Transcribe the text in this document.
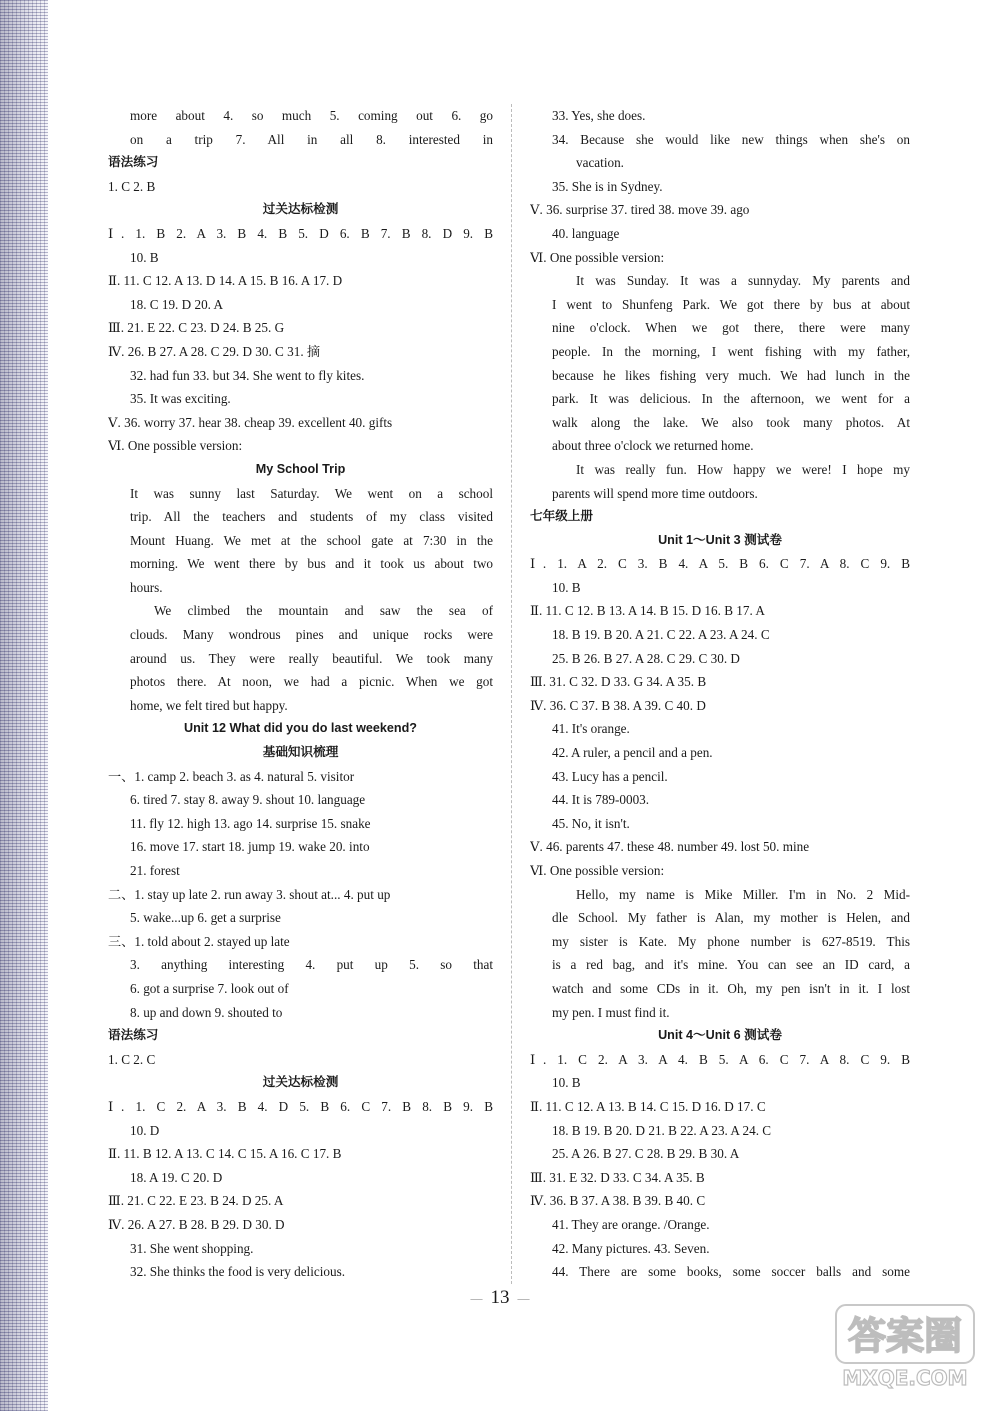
more about 4. so much 5. coming out 6. go
on a trip 7. All in all 8. interested in
语法练习
1. C 2. B
过关达标检测
Ⅰ. 1. B 2. A 3. B 4. B 5. D 6. B 7. B 8. D 9. B
10. B
Ⅱ. 11. C 12. A 13. D 14. A 15. B 16. A 17. D
18. C 19. D 20. A
Ⅲ. 21. E 22. C 23. D 24. B 25. G
Ⅳ. 26. B 27. A 28. C 29. D 30. C 31. 摘
32. had fun 33. but 34. She went to fly kites.
35. It was exciting.
Ⅴ. 36. worry 37. hear 38. cheap 39. excellent 40. gifts
Ⅵ. One possible version:
My School Trip
It was sunny last Saturday. We went on a school
trip. All the teachers and students of my class visited
Mount Huang. We met at the school gate at 7:30 in the
morning. We went there by bus and it took us about two
hours.
We climbed the mountain and saw the sea of
clouds. Many wondrous pines and unique rocks were
around us. They were really beautiful. We took many
photos there. At noon, we had a picnic. When we got
home, we felt tired but happy.
Unit 12 What did you do last weekend?
基础知识梳理
一、1. camp 2. beach 3. as 4. natural 5. visitor
6. tired 7. stay 8. away 9. shout 10. language
11. fly 12. high 13. ago 14. surprise 15. snake
16. move 17. start 18. jump 19. wake 20. into
21. forest
二、1. stay up late 2. run away 3. shout at... 4. put up
5. wake...up 6. get a surprise
三、1. told about 2. stayed up late
3. anything interesting 4. put up 5. so that
6. got a surprise 7. look out of
8. up and down 9. shouted to
语法练习
1. C 2. C
过关达标检测
Ⅰ. 1. C 2. A 3. B 4. D 5. B 6. C 7. B 8. B 9. B
10. D
Ⅱ. 11. B 12. A 13. C 14. C 15. A 16. C 17. B
18. A 19. C 20. D
Ⅲ. 21. C 22. E 23. B 24. D 25. A
Ⅳ. 26. A 27. B 28. B 29. D 30. D
31. She went shopping.
32. She thinks the food is very delicious.
33. Yes, she does.
34. Because she would like new things when she's on
vacation.
35. She is in Sydney.
Ⅴ. 36. surprise 37. tired 38. move 39. ago
40. language
Ⅵ. One possible version:
It was Sunday. It was a sunnyday. My parents and
I went to Shunfeng Park. We got there by bus at about
nine o'clock. When we got there, there were many
people. In the morning, I went fishing with my father,
because he likes fishing very much. We had lunch in the
park. It was delicious. In the afternoon, we went for a
walk along the lake. We also took many photos. At
about three o'clock we returned home.
It was really fun. How happy we were! I hope my
parents will spend more time outdoors.
七年级上册
Unit 1～Unit 3 测试卷
Ⅰ. 1. A 2. C 3. B 4. A 5. B 6. C 7. A 8. C 9. B
10. B
Ⅱ. 11. C 12. B 13. A 14. B 15. D 16. B 17. A
18. B 19. B 20. A 21. C 22. A 23. A 24. C
25. B 26. B 27. A 28. C 29. C 30. D
Ⅲ. 31. C 32. D 33. G 34. A 35. B
Ⅳ. 36. C 37. B 38. A 39. C 40. D
41. It's orange.
42. A ruler, a pencil and a pen.
43. Lucy has a pencil.
44. It is 789-0003.
45. No, it isn't.
Ⅴ. 46. parents 47. these 48. number 49. lost 50. mine
Ⅵ. One possible version:
Hello, my name is Mike Miller. I'm in No. 2 Mid-
dle School. My father is Alan, my mother is Helen, and
my sister is Kate. My phone number is 627-8519. This
is a red bag, and it's mine. You can see an ID card, a
watch and some CDs in it. Oh, my pen isn't in it. I lost
my pen. I must find it.
Unit 4～Unit 6 测试卷
Ⅰ. 1. C 2. A 3. A 4. B 5. A 6. C 7. A 8. C 9. B
10. B
Ⅱ. 11. C 12. A 13. B 14. C 15. D 16. D 17. C
18. B 19. B 20. D 21. B 22. A 23. A 24. C
25. A 26. B 27. C 28. B 29. B 30. A
Ⅲ. 31. E 32. D 33. C 34. A 35. B
Ⅳ. 36. B 37. A 38. B 39. B 40. C
41. They are orange. /Orange.
42. Many pictures. 43. Seven.
44. There are some books, some soccer balls and some
— 13 —
答案圈
MXQE.COM
